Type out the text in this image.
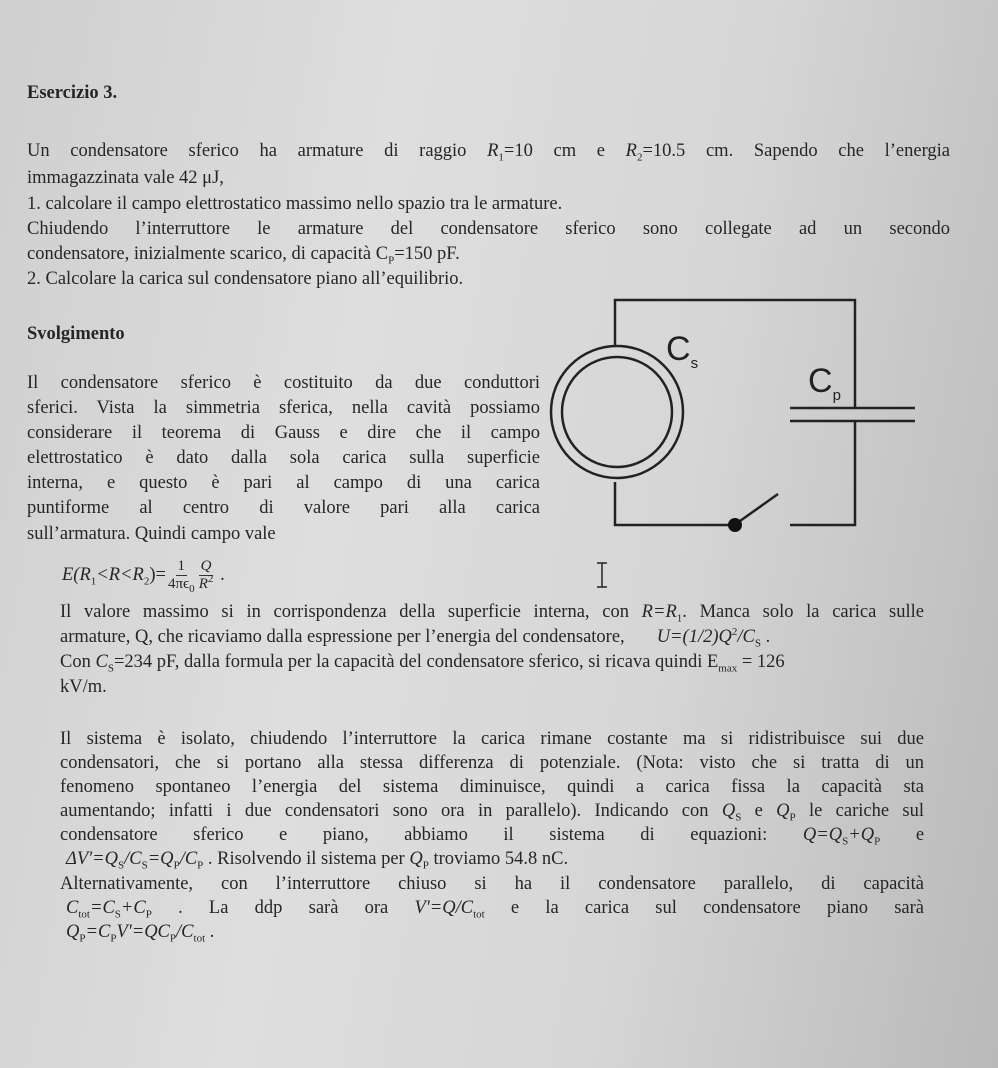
Esercizio 3.
Un condensatore sferico ha armature di raggio $R_1=10$ cm e $R_2=10.5$ cm. Sapendo che l’energia
immagazzinata vale 42 μJ,
1. calcolare il campo elettrostatico massimo nello spazio tra le armature.
Chiudendo l’interruttore le armature del condensatore sferico sono collegate ad un secondo
condensatore, inizialmente scarico, di capacità $C_P=150$ pF.
2. Calcolare la carica sul condensatore piano all’equilibrio.
Svolgimento
Il condensatore sferico è costituito da due conduttori
sferici. Vista la simmetria sferica, nella cavità possiamo
considerare il teorema di Gauss e dire che il campo
elettrostatico è dato dalla sola carica sulla superficie
interna, e questo è pari al campo di una carica
puntiforme al centro di valore pari alla carica
sull’armatura. Quindi campo vale
$E(R_1<R<R_2)= \frac{1}{4\pi\epsilon_0} \frac{Q}{R^2}$ .
Il valore massimo si in corrispondenza della superficie interna, con $R=R_1$. Manca solo la carica sulle
armature, Q, che ricaviamo dalla espressione per l’energia del condensatore, $U=(1/2)Q^2/C_S$ .
Con $C_S=234$ pF, dalla formula per la capacità del condensatore sferico, si ricava quindi $E_{max} = 126$
kV/m.
Il sistema è isolato, chiudendo l’interruttore la carica rimane costante ma si ridistribuisce sui due
condensatori, che si portano alla stessa differenza di potenziale. (Nota: visto che si tratta di un
fenomeno spontaneo l’energia del sistema diminuisce, quindi a carica fissa la capacità sta
aumentando; infatti i due condensatori sono ora in parallelo). Indicando con $Q_S$ e $Q_P$ le cariche sul
condensatore sferico e piano, abbiamo il sistema di equazioni: $Q=Q_S+Q_P$ e
$\Delta V'=Q_S/C_S=Q_P/C_P$ . Risolvendo il sistema per $Q_P$ troviamo 54.8 nC.
Alternativamente, con l’interruttore chiuso si ha il condensatore parallelo, di capacità
$C_{tot}=C_S+C_P$ . La ddp sarà ora $V'=Q/C_{tot}$ e la carica sul condensatore piano sarà
$Q_P=C_PV'=QC_P/C_{tot}$ .
$C_s$	$C_p$
